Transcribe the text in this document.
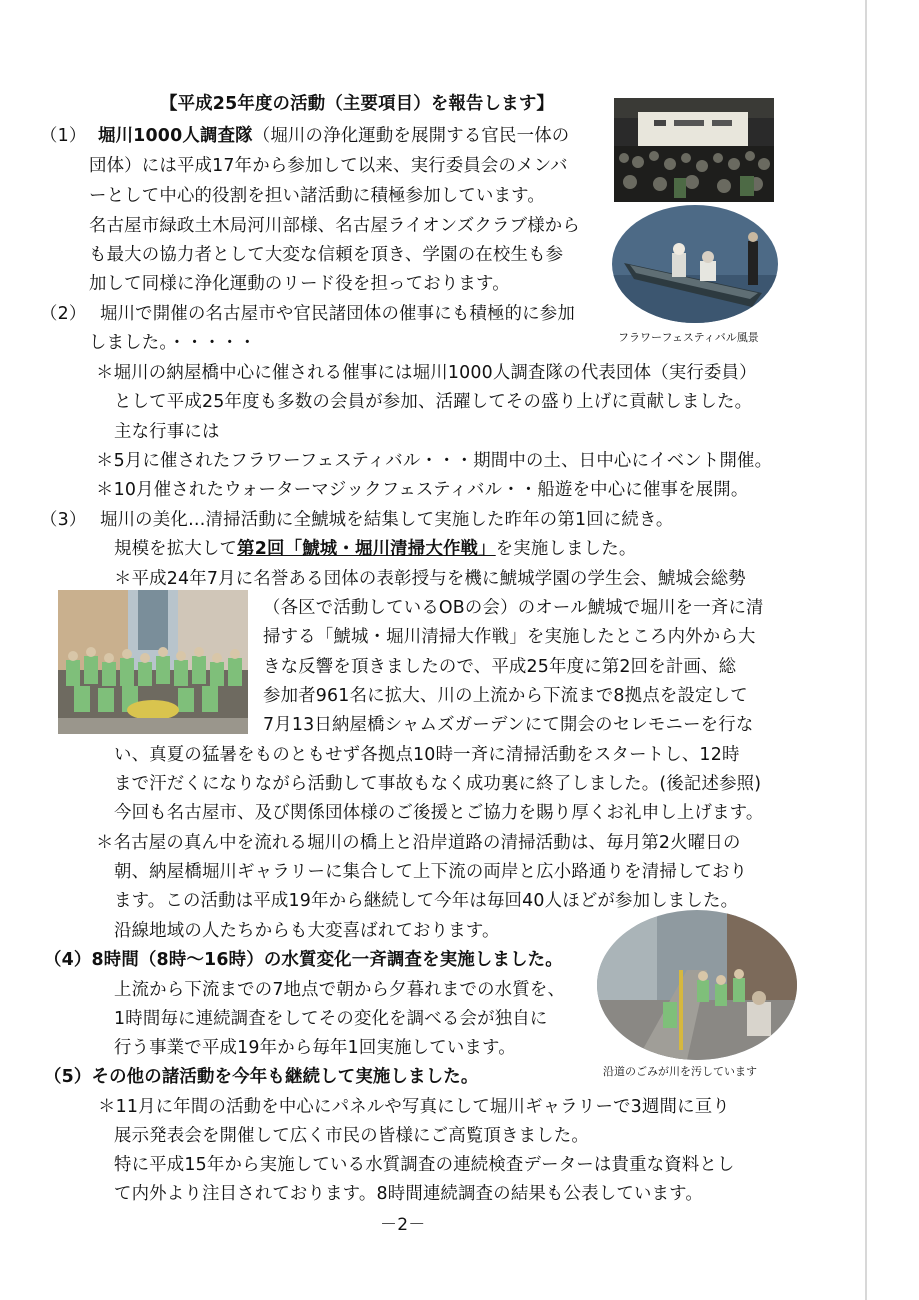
【平成25年度の活動（主要項目）を報告します】
フラワーフェスティバル風景
（1） 堀川1000人調査隊（堀川の浄化運動を展開する官民一体の
団体）には平成17年から参加して以来、実行委員会のメンバ
ーとして中心的役割を担い諸活動に積極参加しています。
名古屋市緑政土木局河川部様、名古屋ライオンズクラブ様から
も最大の協力者として大変な信頼を頂き、学園の在校生も参
加して同様に浄化運動のリード役を担っております。
（2） 堀川で開催の名古屋市や官民諸団体の催事にも積極的に参加
しました。・・・・・
＊堀川の納屋橋中心に催される催事には堀川1000人調査隊の代表団体（実行委員）
として平成25年度も多数の会員が参加、活躍してその盛り上げに貢献しました。
主な行事には
＊5月に催されたフラワーフェスティバル・・・期間中の土、日中心にイベント開催。
＊10月催されたウォーターマジックフェスティバル・・船遊を中心に催事を展開。
（3） 堀川の美化…清掃活動に全鯱城を結集して実施した昨年の第1回に続き。
規模を拡大して第2回「鯱城・堀川清掃大作戦」を実施しました。
＊平成24年7月に名誉ある団体の表彰授与を機に鯱城学園の学生会、鯱城会総勢
（各区で活動しているOBの会）のオール鯱城で堀川を一斉に清
掃する「鯱城・堀川清掃大作戦」を実施したところ内外から大
きな反響を頂きましたので、平成25年度に第2回を計画、総
参加者961名に拡大、川の上流から下流まで8拠点を設定して
7月13日納屋橋シャムズガーデンにて開会のセレモニーを行な
い、真夏の猛暑をものともせず各拠点10時一斉に清掃活動をスタートし、12時
まで汗だくになりながら活動して事故もなく成功裏に終了しました。(後記述参照)
今回も名古屋市、及び関係団体様のご後援とご協力を賜り厚くお礼申し上げます。
＊名古屋の真ん中を流れる堀川の橋上と沿岸道路の清掃活動は、毎月第2火曜日の
朝、納屋橋堀川ギャラリーに集合して上下流の両岸と広小路通りを清掃しており
ます。この活動は平成19年から継続して今年は毎回40人ほどが参加しました。
沿線地域の人たちからも大変喜ばれております。
沿道のごみが川を汚しています
（4）8時間（8時〜16時）の水質変化一斉調査を実施しました。
上流から下流までの7地点で朝から夕暮れまでの水質を、
1時間毎に連続調査をしてその変化を調べる会が独自に
行う事業で平成19年から毎年1回実施しています。
（5）その他の諸活動を今年も継続して実施しました。
＊11月に年間の活動を中心にパネルや写真にして堀川ギャラリーで3週間に亘り
展示発表会を開催して広く市民の皆様にご高覧頂きました。
特に平成15年から実施している水質調査の連続検査データーは貴重な資料とし
て内外より注目されております。8時間連続調査の結果も公表しています。
－2－
